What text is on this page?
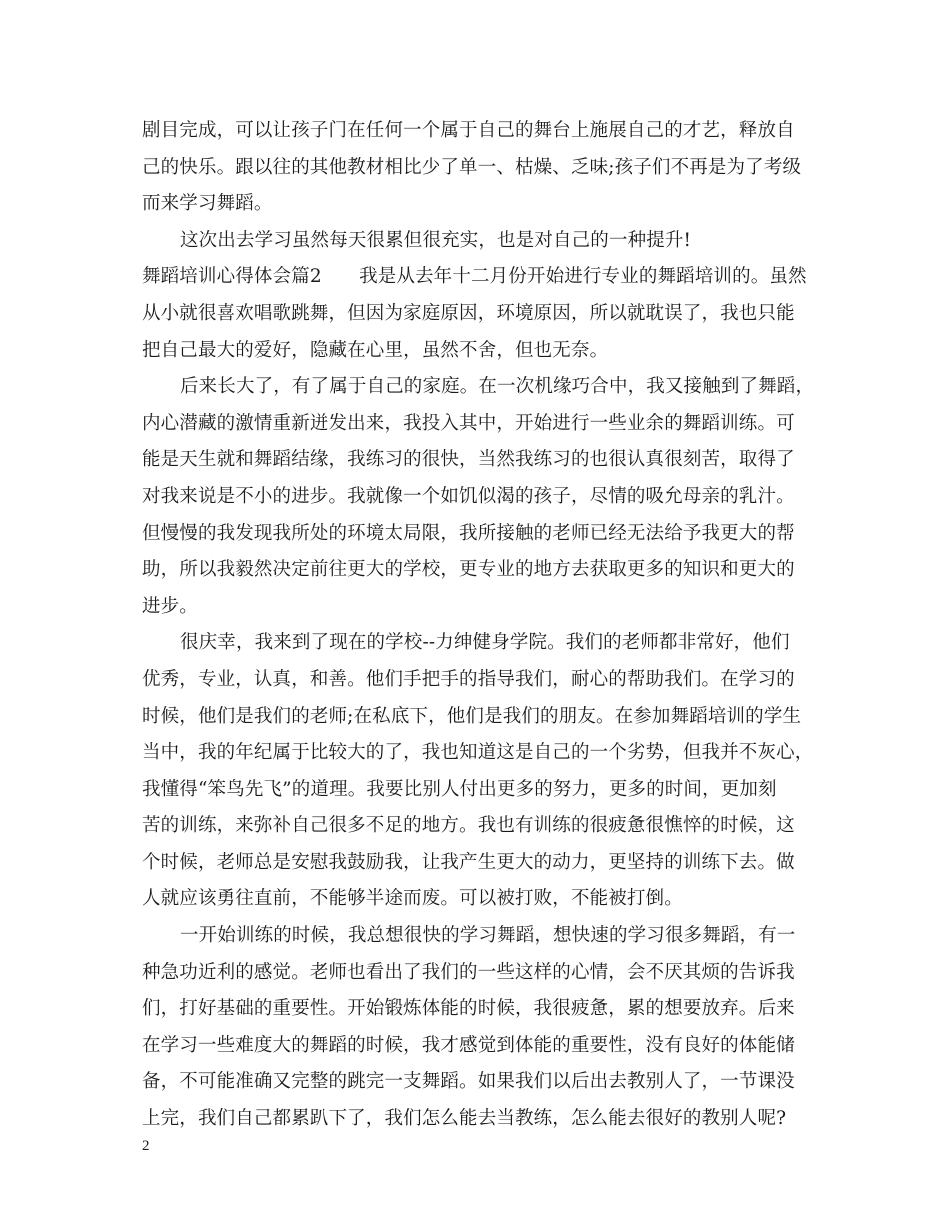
剧目完成，可以让孩子门在任何一个属于自己的舞台上施展自己的才艺，释放自
己的快乐。跟以往的其他教材相比少了单一、枯燥、乏味;孩子们不再是为了考级
而来学习舞蹈。
这次出去学习虽然每天很累但很充实，也是对自己的一种提升!
舞蹈培训心得体会篇2　　我是从去年十二月份开始进行专业的舞蹈培训的。虽然
从小就很喜欢唱歌跳舞，但因为家庭原因，环境原因，所以就耽误了，我也只能
把自己最大的爱好，隐藏在心里，虽然不舍，但也无奈。
后来长大了，有了属于自己的家庭。在一次机缘巧合中，我又接触到了舞蹈，
内心潜藏的激情重新迸发出来，我投入其中，开始进行一些业余的舞蹈训练。可
能是天生就和舞蹈结缘，我练习的很快，当然我练习的也很认真很刻苦，取得了
对我来说是不小的进步。我就像一个如饥似渴的孩子，尽情的吸允母亲的乳汁。
但慢慢的我发现我所处的环境太局限，我所接触的老师已经无法给予我更大的帮
助，所以我毅然决定前往更大的学校，更专业的地方去获取更多的知识和更大的
进步。
很庆幸，我来到了现在的学校--力绅健身学院。我们的老师都非常好，他们
优秀，专业，认真，和善。他们手把手的指导我们，耐心的帮助我们。在学习的
时候，他们是我们的老师;在私底下，他们是我们的朋友。在参加舞蹈培训的学生
当中，我的年纪属于比较大的了，我也知道这是自己的一个劣势，但我并不灰心，
我懂得“笨鸟先飞”的道理。我要比别人付出更多的努力，更多的时间，更加刻
苦的训练，来弥补自己很多不足的地方。我也有训练的很疲惫很憔悴的时候，这
个时候，老师总是安慰我鼓励我，让我产生更大的动力，更坚持的训练下去。做
人就应该勇往直前，不能够半途而废。可以被打败，不能被打倒。
一开始训练的时候，我总想很快的学习舞蹈，想快速的学习很多舞蹈，有一
种急功近利的感觉。老师也看出了我们的一些这样的心情，会不厌其烦的告诉我
们，打好基础的重要性。开始锻炼体能的时候，我很疲惫，累的想要放弃。后来
在学习一些难度大的舞蹈的时候，我才感觉到体能的重要性，没有良好的体能储
备，不可能准确又完整的跳完一支舞蹈。如果我们以后出去教别人了，一节课没
上完，我们自己都累趴下了，我们怎么能去当教练，怎么能去很好的教别人呢?
2
